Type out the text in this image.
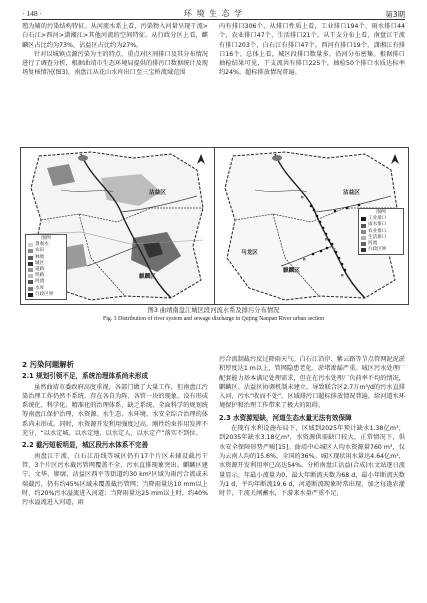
· 148 ·	环 境 生 态 学	第3期

殖为辅的污染结构特征。从河流水系上看，污染物入河量呈现干流>白石江>西河>潇湘江>其他河流的空间特征。从行政分区上看，麒麟区占比约为73%，沾益区占比约为27%。

针对以城镇点源污染为主的特点，重点对区间排口及其分布情况进行了调查分析，根据曲靖市生态环境局提供的排污口数据统计及现场复核情况(图3)，南盘江从花山水库出口至三宝桥流域范围

内有排口306个，从排口性质上看，工业排口194个，雨水排口44个，农业排口47个，生活排口21个。从干支分布上看，南盘江干流有排口203个，白石江有排口47个，西河有排口19个，潇湘江有排口16个。总体上看，城区段排口数量多，沿河分布密集。根据排口抽检结果可见，干支流共有排口225个，抽检50个排口水质达标率约24%，超标排放情况普遍。

沾益区
麒麟区
图例
景观水
农田
林地
城区
道路
铁路
河流
水库
行政区界
沾益区
马龙区
麒麟区
图例
工业排口
雨水排口
农业排口
生活排口
河流
行政区界
图3 曲靖南盘江城区段河流水系及排污分布情况
Fig. 3 Distribution of river system and sewage discharge in Qujing Nanpan River urban section
2 污染问题解析
2.1 规划引领不足，系统治理体系尚未形成

虽然曲靖市委政府高度重视，各部门做了大量工作，但南盘江污染治理工作仍然不系统，存在各自为阵、各管一块的现象，没有形成系统化、科学化、精准化的治理体系，缺乏系统、全面科学的规划统筹南盘江保护治理，水资源、水生态、水环境、水安全综合治理的体系尚未形成。同时，水资源开发利用强度过高，刚性约束作用发挥不充分，“以水定城、以水定地、以水定人、以水定产”落实不到位。

2.2 截污短板明显，城区段污水体系不完善

南盘江干流、白石江沿线等城区仍有17个片区未辅设截污干管，3个片区污水截污管网覆盖不全，污水直排现象突出。麒麟区建宁、文华、廖廓、沾益区西平等街道约30 km²区域为雨污合流或未端截污，仍有约45%区域未覆盖截污管网；当降雨量达10 mm以上时，约20%污水溢流进入河道；当降雨量达25 mm以上时，约40%污水溢流进入河道，雨

污合流制截污反过降雨天气。白石江沿岸、紫云路等节点管网泥泥淤积厚度达1 m以上，管网隐患老化、淤堵渗漏严重。城区污水处理厂配套能力基本满足处理需求，但在在污水处理厂负荷率不均的情况，麒麟区、沾益区协调机制未建立，导致联合区2.7万m³/d的污水直排入河，污水“收而不处”。区域排污口超标排放情况普遍，给河道水环境保护和治理工作带来了极大的阻碍。

2.3 水资源短缺，河道生态水量无法有效保障

在现有水利设施布局下，区域到2025年预计缺水1.38亿m³，到2035年缺水3.18亿m³，水资源供需缺口较大，正常情况下，供水安全保障形势严峻[15]。曲靖中心城区人均水资源量760 m³，仅为云南人均的15.6%、全国的36%。城区现状用水量达4.64亿m³，水资源开发利用率已高达54%。分析南盘江沾益(合成)水文站逐日流量显示，年最小流量为0，最大年断流天数为68 d，最小年断流天数为1 d，平均年断流19.6 d，河道断流现象时常出现，加之每逢农灌时节，干流关闸蓄水，下游来水量严重不足，
